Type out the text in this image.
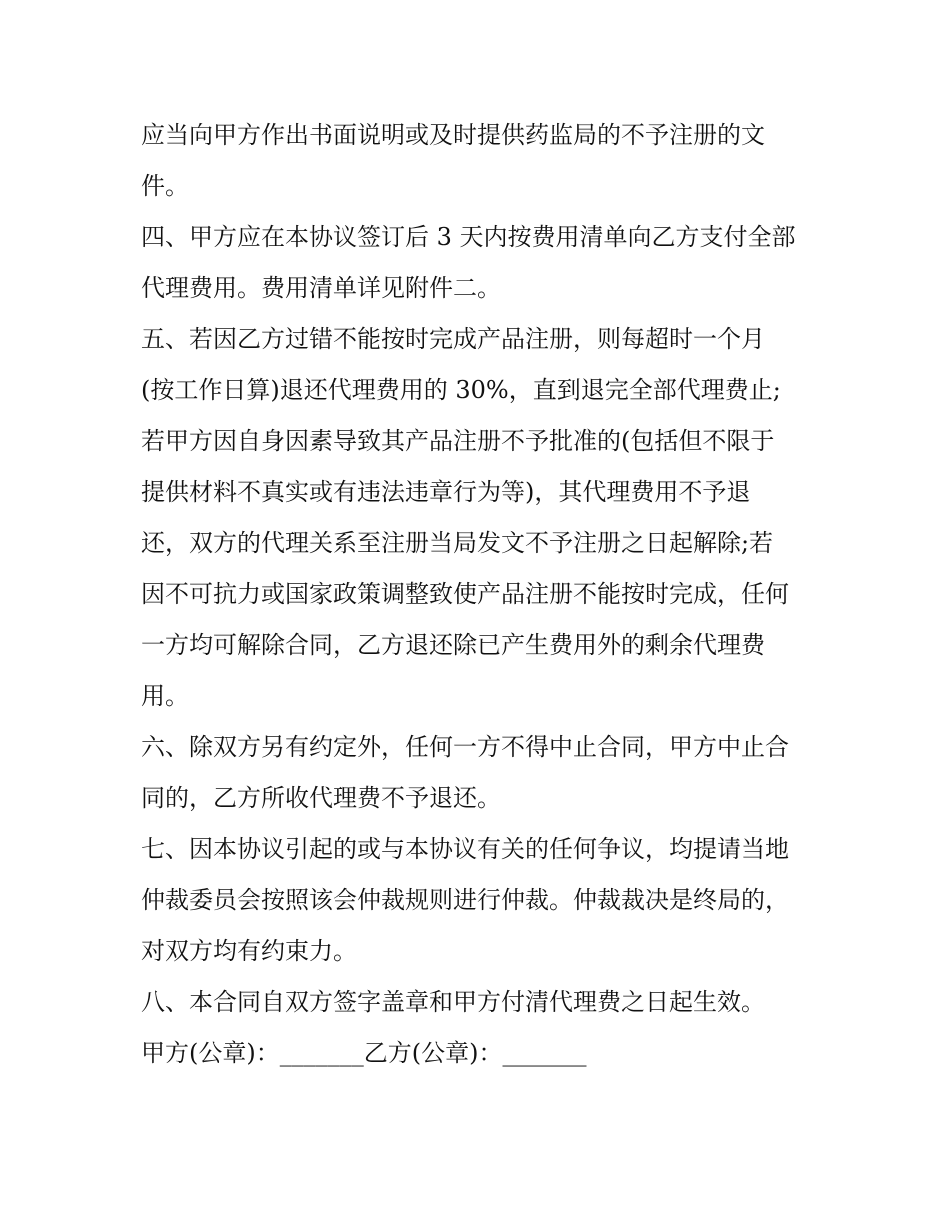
应当向甲方作出书面说明或及时提供药监局的不予注册的文
件。
四、甲方应在本协议签订后 3 天内按费用清单向乙方支付全部
代理费用。费用清单详见附件二。
五、若因乙方过错不能按时完成产品注册，则每超时一个月
(按工作日算)退还代理费用的 30%，直到退完全部代理费止;
若甲方因自身因素导致其产品注册不予批准的(包括但不限于
提供材料不真实或有违法违章行为等)，其代理费用不予退
还，双方的代理关系至注册当局发文不予注册之日起解除;若
因不可抗力或国家政策调整致使产品注册不能按时完成，任何
一方均可解除合同，乙方退还除已产生费用外的剩余代理费
用。
六、除双方另有约定外，任何一方不得中止合同，甲方中止合
同的，乙方所收代理费不予退还。
七、因本协议引起的或与本协议有关的任何争议，均提请当地
仲裁委员会按照该会仲裁规则进行仲裁。仲裁裁决是终局的，
对双方均有约束力。
八、本合同自双方签字盖章和甲方付清代理费之日起生效。
甲方(公章)：_______乙方(公章)：_______
